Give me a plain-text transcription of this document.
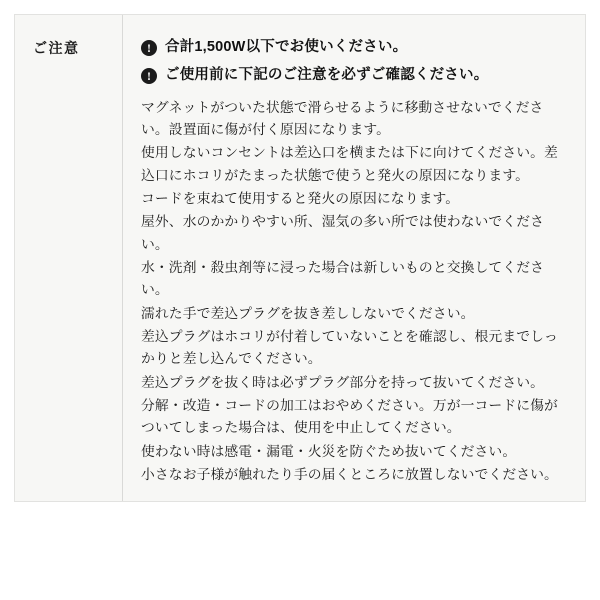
ご注意	! 合計1,500W以下でお使いください。
! ご使用前に下記のご注意を必ずご確認ください。

マグネットがついた状態で滑らせるように移動させないでください。設置面に傷が付く原因になります。

使用しないコンセントは差込口を横または下に向けてください。差込口にホコリがたまった状態で使うと発火の原因になります。

コードを束ねて使用すると発火の原因になります。

屋外、水のかかりやすい所、湿気の多い所では使わないでください。

水・洗剤・殺虫剤等に浸った場合は新しいものと交換してください。

濡れた手で差込プラグを抜き差ししないでください。

差込プラグはホコリが付着していないことを確認し、根元までしっかりと差し込んでください。

差込プラグを抜く時は必ずプラグ部分を持って抜いてください。

分解・改造・コードの加工はおやめください。万が一コードに傷がついてしまった場合は、使用を中止してください。

使わない時は感電・漏電・火災を防ぐため抜いてください。

小さなお子様が触れたり手の届くところに放置しないでください。
